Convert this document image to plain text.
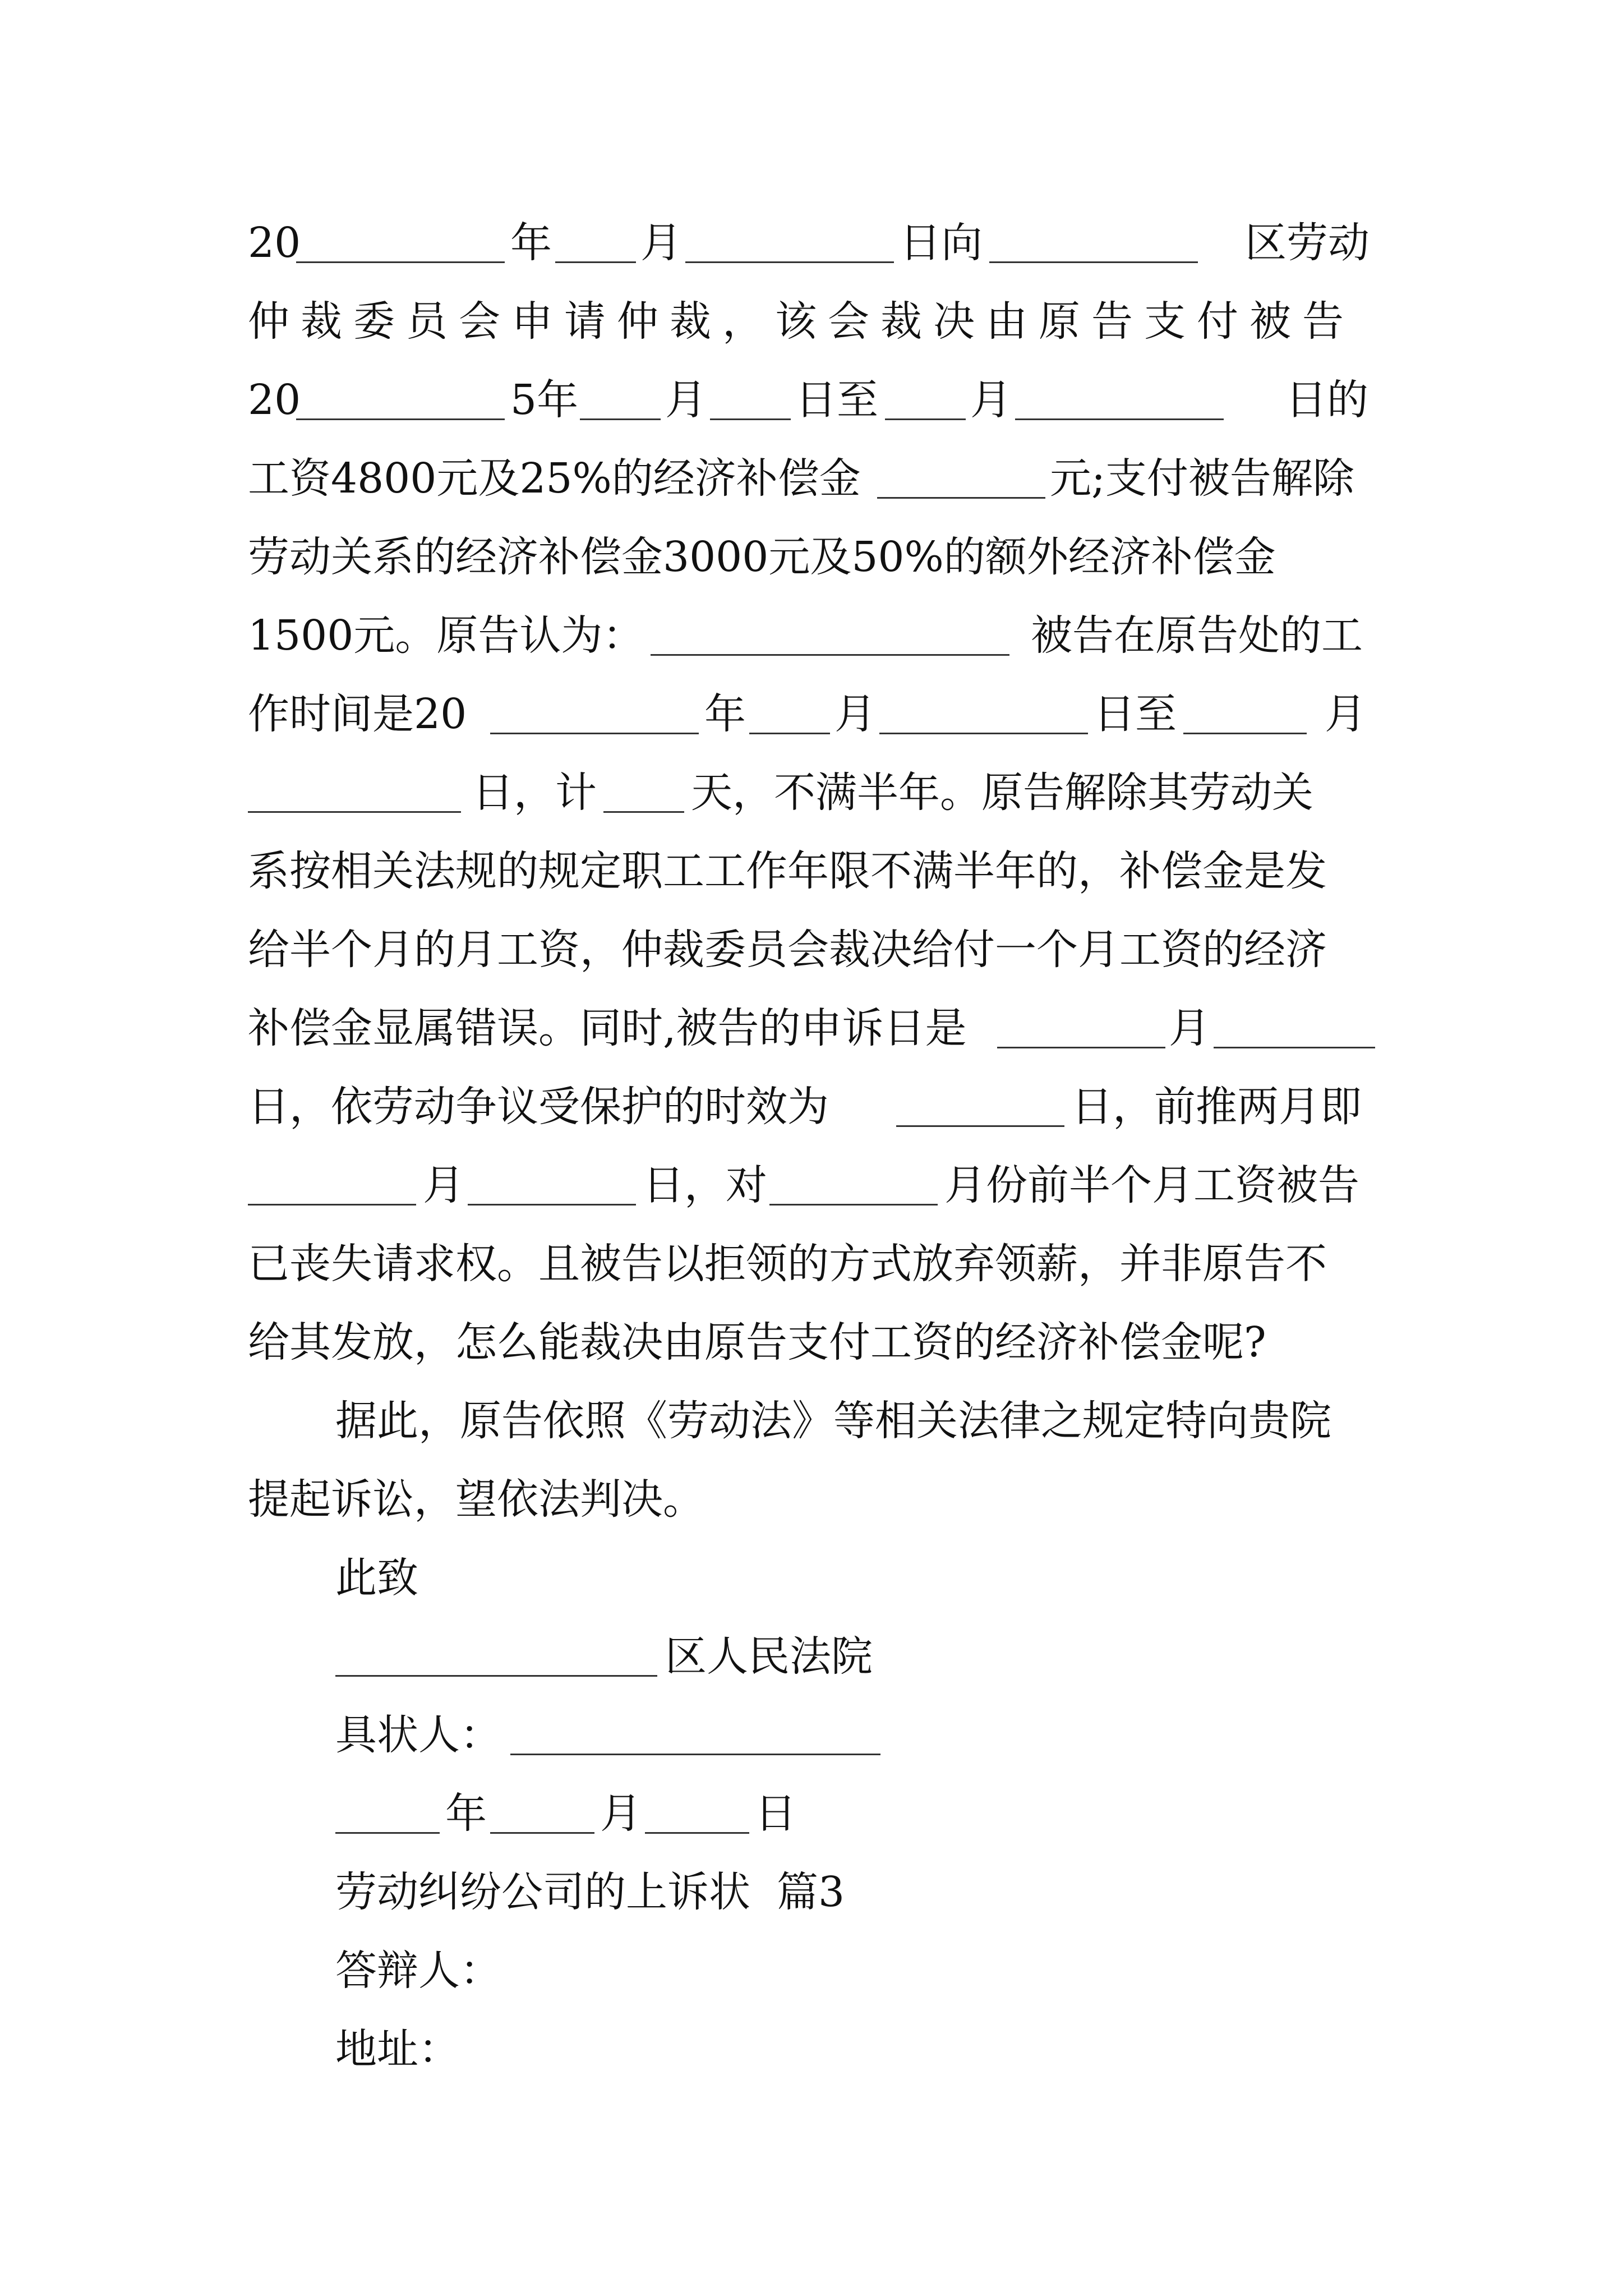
20	年 月	日向	区劳动
仲裁委员会申请仲裁，该会裁决由原告支付被告
20	5年 月 日至 月	日的
工资4800元及25%的经济补偿金	元;支付被告解除
劳动关系的经济补偿金3000元及50%的额外经济补偿金
1500元。原告认为：	被告在原告处的工
作时间是20	年 月	日至	月
日，计 天，不满半年。原告解除其劳动关
系按相关法规的规定职工工作年限不满半年的，补偿金是发
给半个月的月工资，仲裁委员会裁决给付一个月工资的经济
补偿金显属错误。同时,被告的申诉日是	月
日，依劳动争议受保护的时效为	日，前推两月即
月	日，对	月份前半个月工资被告
已丧失请求权。且被告以拒领的方式放弃领薪，并非原告不
给其发放，怎么能裁决由原告支付工资的经济补偿金呢?
据此，原告依照《劳动法》等相关法律之规定特向贵院
提起诉讼，望依法判决。
此致
区人民法院
具状人：
年	月	日
劳动纠纷公司的上诉状  篇3
答辩人：
地址：
